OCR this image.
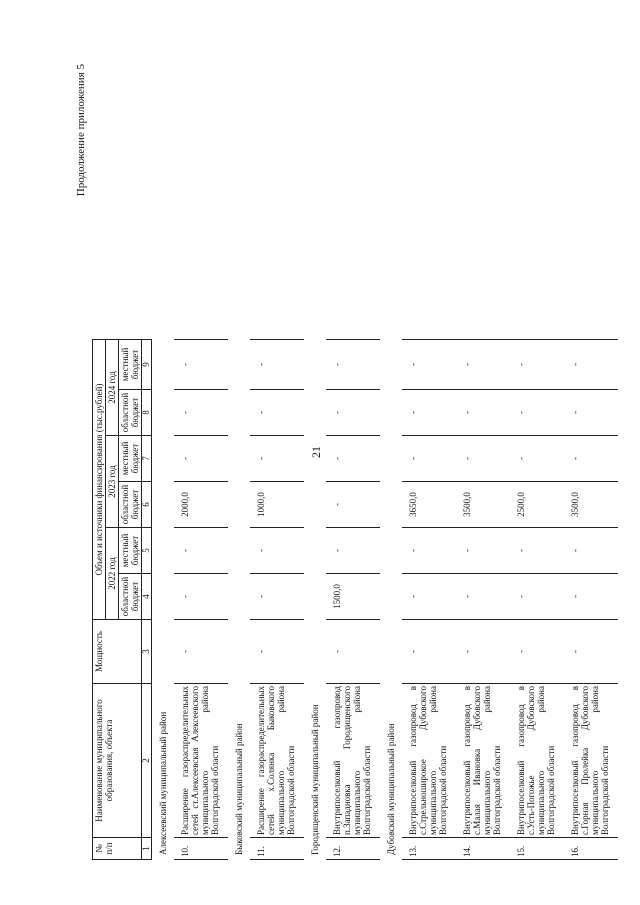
21
Продолжение приложения 5
№ п/п	Наименование муниципального образования, объекта	Мощность	Объем и источники финансирования (тыс.рублей)					
			2022 год		2023 год		2024 год	
			областной бюджет	местный бюджет	областной бюджет	местный бюджет	областной бюджет	местный бюджет
1	2	3	4	5	6	7	8	9
Алексеевский муниципальный район								
10.	Расширение газораспределительных сетей ст.Алексеевская Алексеевского муниципального района Волгоградской области	-	-	-	2000,0	-	-	-
Быковский муниципальный район								
11.	Расширение газораспределительных сетей х.Солянка Быковского муниципального района Волгоградской области	-	-	-	1000,0	-	-	-
Городищенский муниципальный район								
12.	Внутрипоселковый газопровод п.Западновка Городищенского муниципального района Волгоградской области	-	1500,0	-	-	-	-	-
Дубовский муниципальный район								
13.	Внутрипоселковый газопровод в с.Стрельноширокое Дубовского муниципального района Волгоградской области	-	-	-	3650,0	-	-	-
14.	Внутрипоселковый газопровод в с.Малая Ивановка Дубовского муниципального района Волгоградской области	-	-	-	3500,0	-	-	-
15.	Внутрипоселковый газопровод в с.Усть-Погожье Дубовского муниципального района Волгоградской области	-	-	-	2500,0	-	-	-
16.	Внутрипоселковый газопровод в с.Горная Пролейка Дубовского муниципального района Волгоградской области	-	-	-	3500,0	-	-	-
